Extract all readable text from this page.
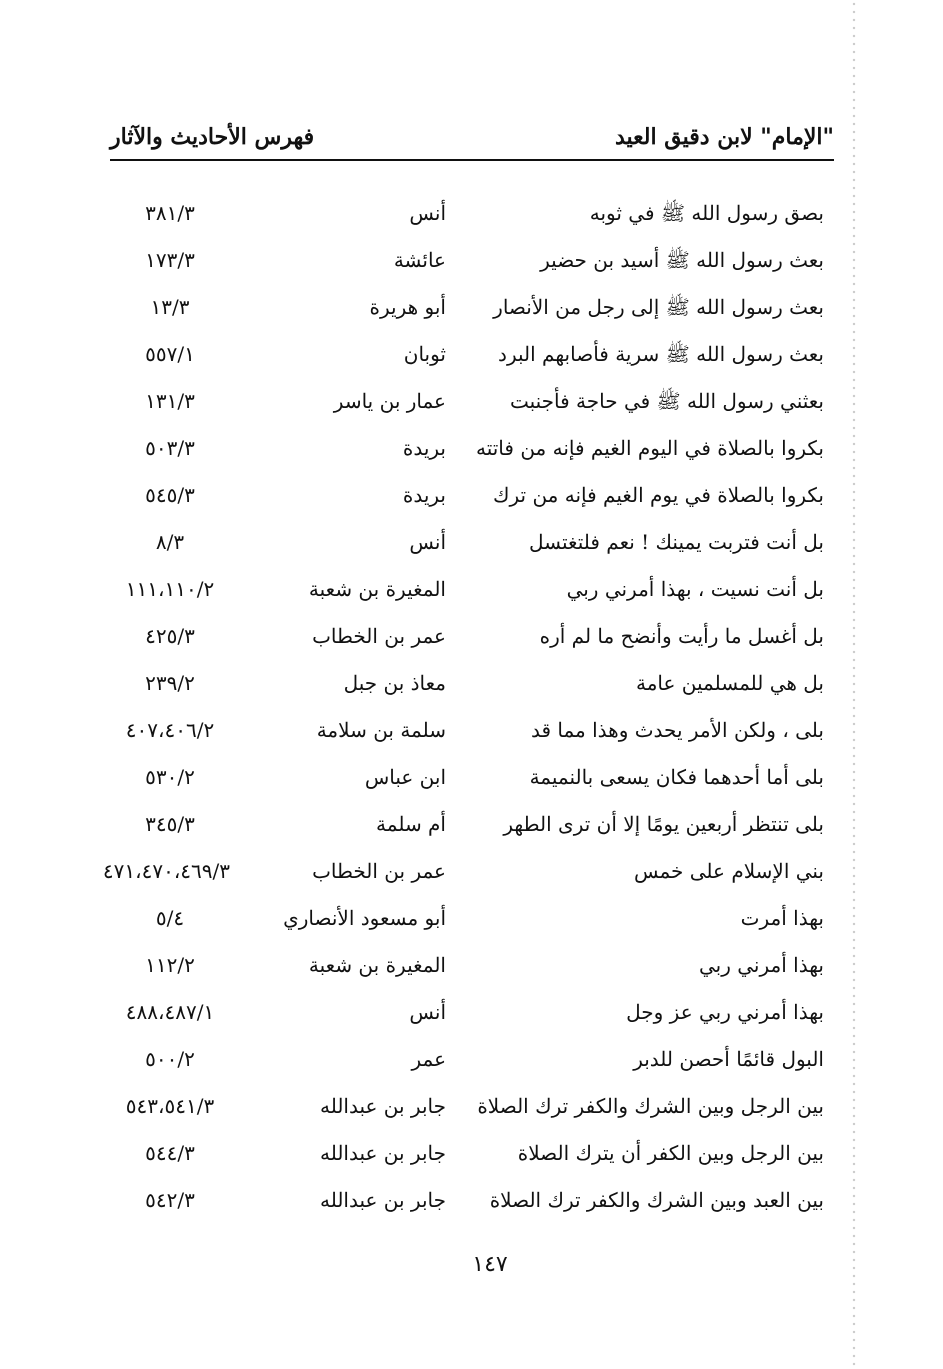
"الإمام" لابن دقيق العيد
فهرس الأحاديث والآثار
بصق رسول الله ﷺ في ثوبه
أنس
٣٨١/٣
بعث رسول الله ﷺ أسيد بن حضير
عائشة
١٧٣/٣
بعث رسول الله ﷺ إلى رجل من الأنصار
أبو هريرة
١٣/٣
بعث رسول الله ﷺ سرية فأصابهم البرد
ثوبان
٥٥٧/١
بعثني رسول الله ﷺ في حاجة فأجنبت
عمار بن ياسر
١٣١/٣
بكروا بالصلاة في اليوم الغيم فإنه من فاتته
بريدة
٥٠٣/٣
بكروا بالصلاة في يوم الغيم فإنه من ترك
بريدة
٥٤٥/٣
بل أنت فتربت يمينك ! نعم فلتغتسل
أنس
٨/٣
بل أنت نسيت ، بهذا أمرني ربي
المغيرة بن شعبة
١١١،١١٠/٢
بل أغسل ما رأيت وأنضح ما لم أره
عمر بن الخطاب
٤٢٥/٣
بل هي للمسلمين عامة
معاذ بن جبل
٢٣٩/٢
بلى ، ولكن الأمر يحدث وهذا مما قد
سلمة بن سلامة
٤٠٧،٤٠٦/٢
بلى أما أحدهما فكان يسعى بالنميمة
ابن عباس
٥٣٠/٢
بلى تنتظر أربعين يومًا إلا أن ترى الطهر
أم سلمة
٣٤٥/٣
بني الإسلام على خمس
عمر بن الخطاب
٤٧١،٤٧٠،٤٦٩/٣
بهذا أمرت
أبو مسعود الأنصاري
٥/٤
بهذا أمرني ربي
المغيرة بن شعبة
١١٢/٢
بهذا أمرني ربي عز وجل
أنس
٤٨٨،٤٨٧/١
البول قائمًا أحصن للدبر
عمر
٥٠٠/٢
بين الرجل وبين الشرك والكفر ترك الصلاة
جابر بن عبدالله
٥٤٣،٥٤١/٣
بين الرجل وبين الكفر أن يترك الصلاة
جابر بن عبدالله
٥٤٤/٣
بين العبد وبين الشرك والكفر ترك الصلاة
جابر بن عبدالله
٥٤٢/٣
١٤٧
